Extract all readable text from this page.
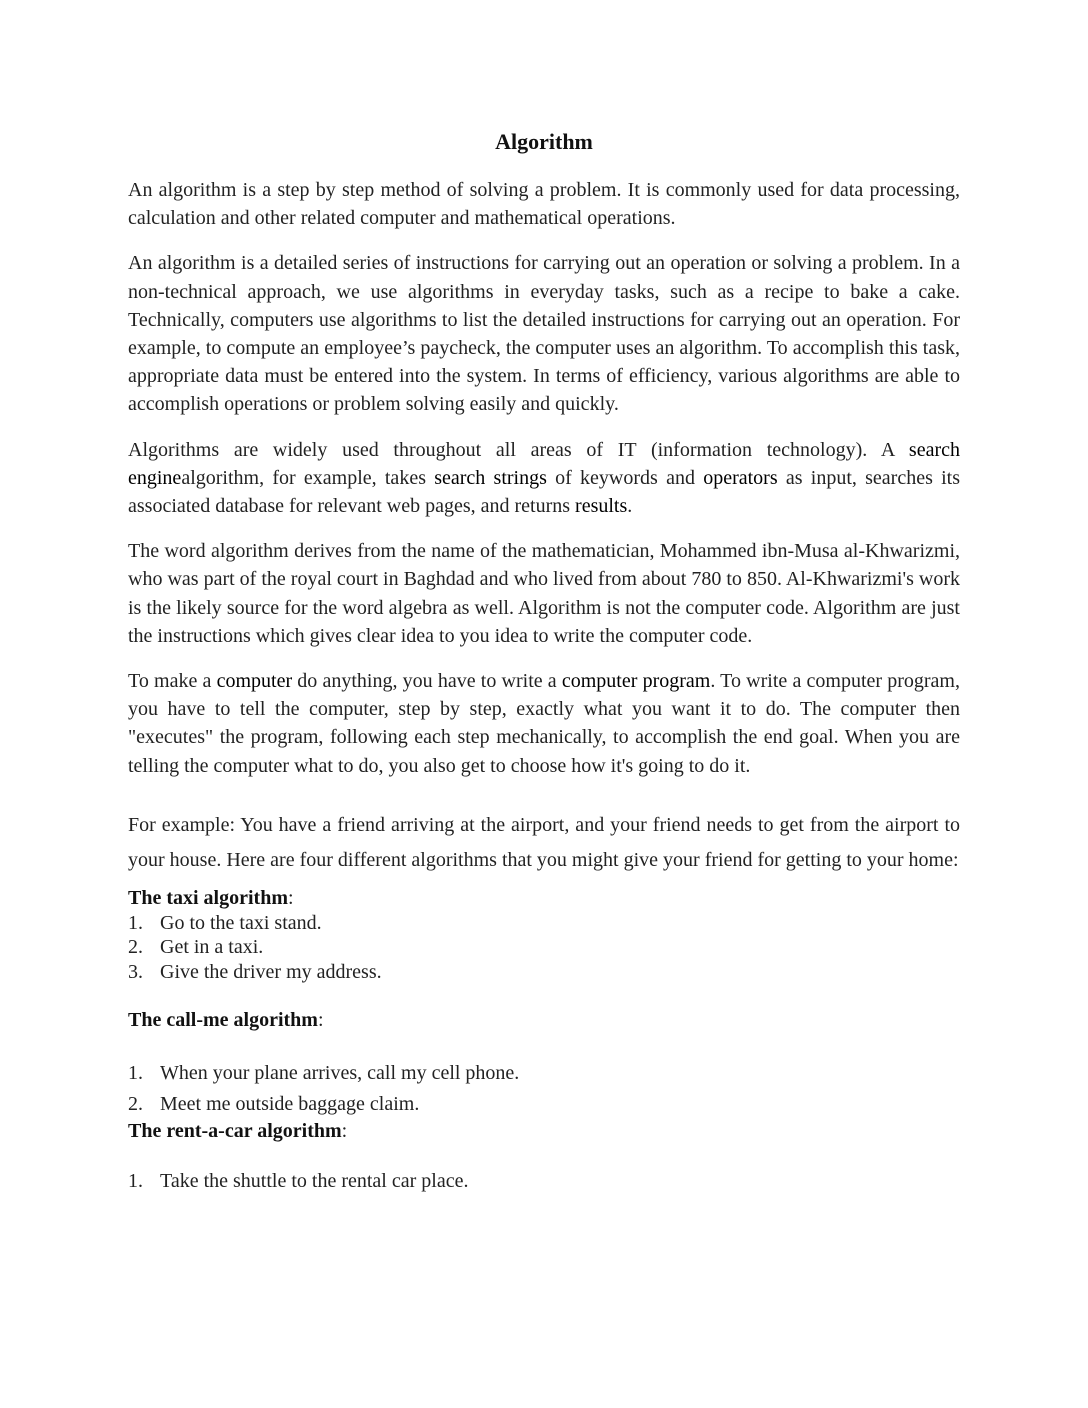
Algorithm

An algorithm is a step by step method of solving a problem. It is commonly used for data processing, calculation and other related computer and mathematical operations.

An algorithm is a detailed series of instructions for carrying out an operation or solving a problem. In a non-technical approach, we use algorithms in everyday tasks, such as a recipe to bake a cake. Technically, computers use algorithms to list the detailed instructions for carrying out an operation. For example, to compute an employee’s paycheck, the computer uses an algorithm. To accomplish this task, appropriate data must be entered into the system. In terms of efficiency, various algorithms are able to accomplish operations or problem solving easily and quickly.

Algorithms are widely used throughout all areas of IT (information technology). A search enginealgorithm, for example, takes search strings of keywords and operators as input, searches its associated database for relevant web pages, and returns results.

The word algorithm derives from the name of the mathematician, Mohammed ibn-Musa al-Khwarizmi, who was part of the royal court in Baghdad and who lived from about 780 to 850. Al-Khwarizmi's work is the likely source for the word algebra as well. Algorithm is not the computer code. Algorithm are just the instructions which gives clear idea to you idea to write the computer code.

To make a computer do anything, you have to write a computer program. To write a computer program, you have to tell the computer, step by step, exactly what you want it to do. The computer then "executes" the program, following each step mechanically, to accomplish the end goal. When you are telling the computer what to do, you also get to choose how it's going to do it.

For example: You have a friend arriving at the airport, and your friend needs to get from the airport to your house. Here are four different algorithms that you might give your friend for getting to your home:

The taxi algorithm:
1. Go to the taxi stand.
2. Get in a taxi.
3. Give the driver my address.
The call-me algorithm:
1. When your plane arrives, call my cell phone.
2. Meet me outside baggage claim.
The rent-a-car algorithm:
1. Take the shuttle to the rental car place.
